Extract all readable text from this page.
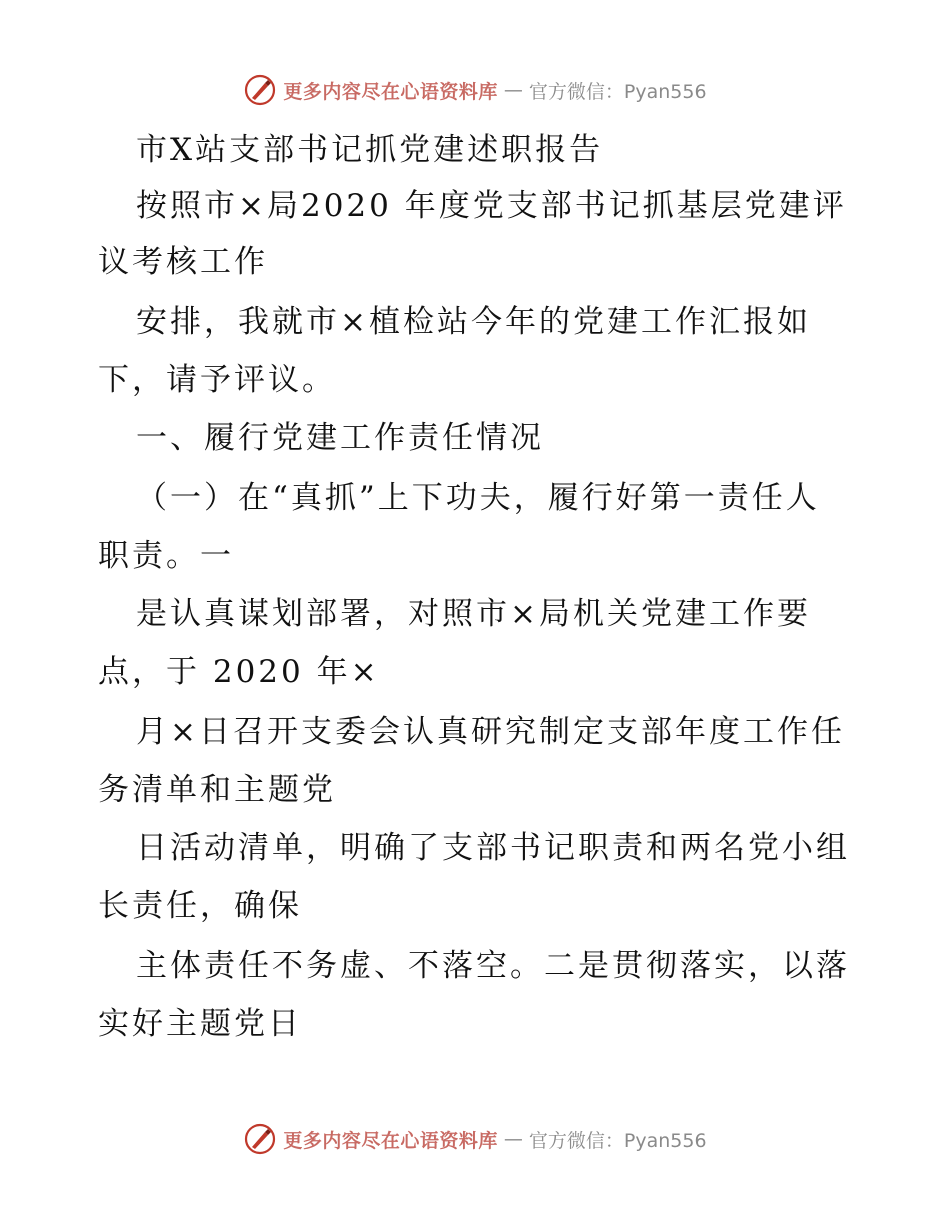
更多内容尽在心语资料库 — 官方微信：Pyan556
市X站支部书记抓党建述职报告
按照市×局2020 年度党支部书记抓基层党建评
议考核工作
安排，我就市×植检站今年的党建工作汇报如
下，请予评议。
一、履行党建工作责任情况
（一）在“真抓”上下功夫，履行好第一责任人
职责。一
是认真谋划部署，对照市×局机关党建工作要
点，于 2020 年×
月×日召开支委会认真研究制定支部年度工作任
务清单和主题党
日活动清单，明确了支部书记职责和两名党小组
长责任，确保
主体责任不务虚、不落空。二是贯彻落实，以落
实好主题党日
更多内容尽在心语资料库 — 官方微信：Pyan556
